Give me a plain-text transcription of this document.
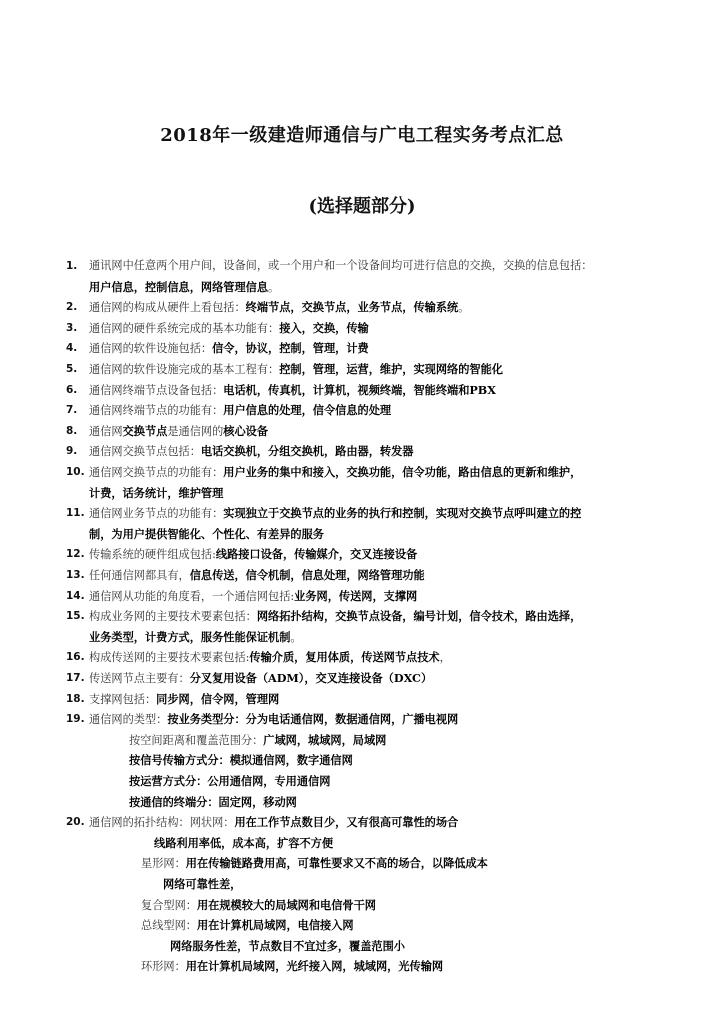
2018年一级建造师通信与广电工程实务考点汇总
(选择题部分)
1. 通讯网中任意两个用户间，设备间，或一个用户和一个设备间均可进行信息的交换，交换的信息包括：
用户信息，控制信息，网络管理信息。
2. 通信网的构成从硬件上看包括：终端节点，交换节点，业务节点，传输系统。
3. 通信网的硬件系统完成的基本功能有：接入，交换，传输
4. 通信网的软件设施包括：信令，协议，控制，管理，计费
5. 通信网的软件设施完成的基本工程有：控制，管理，运营，维护，实现网络的智能化
6. 通信网终端节点设备包括：电话机，传真机，计算机，视频终端，智能终端和PBX
7. 通信网终端节点的功能有：用户信息的处理，信令信息的处理
8. 通信网交换节点是通信网的核心设备
9. 通信网交换节点包括：电话交换机，分组交换机，路由器，转发器
10. 通信网交换节点的功能有：用户业务的集中和接入，交换功能，信令功能，路由信息的更新和维护，
计费，话务统计，维护管理
11. 通信网业务节点的功能有：实现独立于交换节点的业务的执行和控制，实现对交换节点呼叫建立的控
制，为用户提供智能化、个性化、有差异的服务
12. 传输系统的硬件组成包括:线路接口设备，传输媒介，交叉连接设备
13. 任何通信网都具有，信息传送，信令机制，信息处理，网络管理功能
14. 通信网从功能的角度看，一个通信网包括:业务网，传送网，支撑网
15. 构成业务网的主要技术要素包括：网络拓扑结构，交换节点设备，编号计划，信令技术，路由选择，
业务类型，计费方式，服务性能保证机制。
16. 构成传送网的主要技术要素包括:传输介质，复用体质，传送网节点技术，
17. 传送网节点主要有：分叉复用设备（ADM），交叉连接设备（DXC）
18. 支撑网包括：同步网，信令网，管理网
19. 通信网的类型：按业务类型分：分为电话通信网，数据通信网，广播电视网
按空间距离和覆盖范围分：广域网，城域网，局域网
按信号传输方式分：模拟通信网，数字通信网
按运营方式分：公用通信网，专用通信网
按通信的终端分：固定网，移动网
20. 通信网的拓扑结构：网状网：用在工作节点数目少，又有很高可靠性的场合
线路利用率低，成本高，扩容不方便
星形网：用在传输链路费用高，可靠性要求又不高的场合，以降低成本
网络可靠性差，
复合型网：用在规模较大的局域网和电信骨干网
总线型网：用在计算机局域网，电信接入网
网络服务性差，节点数目不宜过多，覆盖范围小
环形网：用在计算机局域网，光纤接入网，城域网，光传输网
